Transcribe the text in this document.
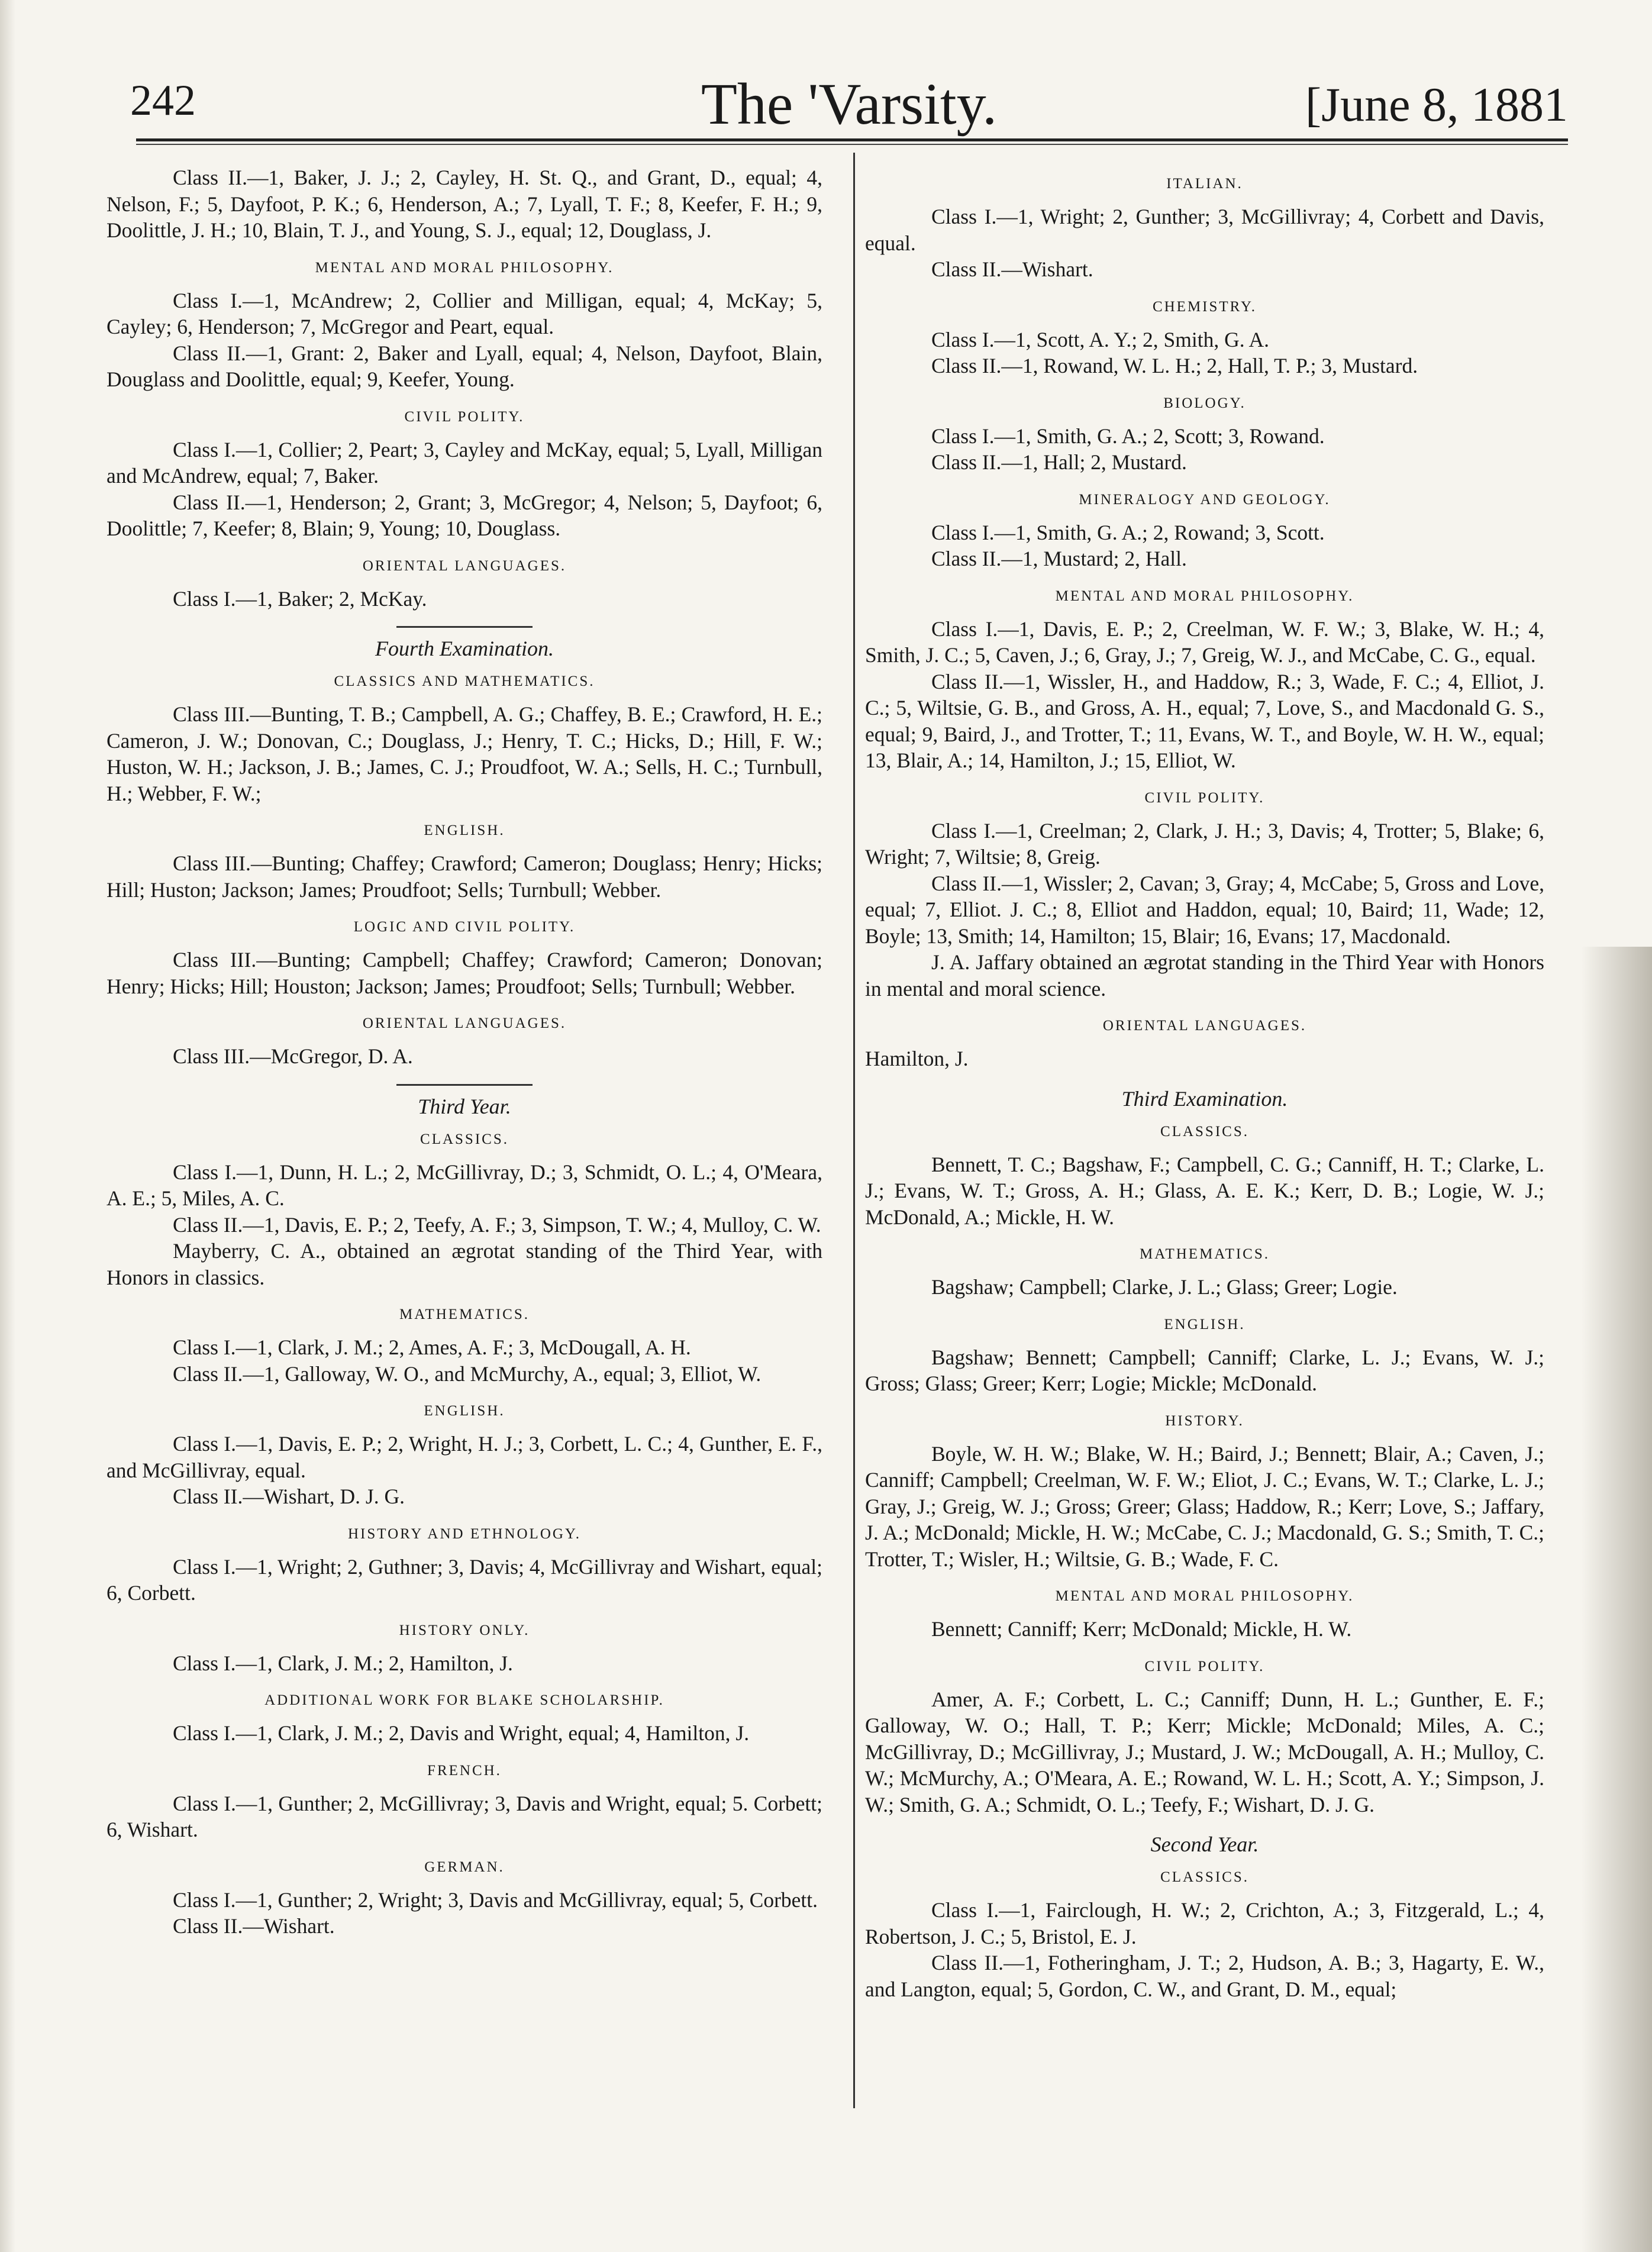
242	The 'Varsity.	[June 8, 1881

Class II.—1, Baker, J. J.; 2, Cayley, H. St. Q., and Grant, D., equal; 4, Nelson, F.; 5, Dayfoot, P. K.; 6, Henderson, A.; 7, Lyall, T. F.; 8, Keefer, F. H.; 9, Doolittle, J. H.; 10, Blain, T. J., and Young, S. J., equal; 12, Douglass, J.

MENTAL AND MORAL PHILOSOPHY.

Class I.—1, McAndrew; 2, Collier and Milligan, equal; 4, McKay; 5, Cayley; 6, Henderson; 7, McGregor and Peart, equal.

Class II.—1, Grant: 2, Baker and Lyall, equal; 4, Nelson, Dayfoot, Blain, Douglass and Doolittle, equal; 9, Keefer, Young.

CIVIL POLITY.

Class I.—1, Collier; 2, Peart; 3, Cayley and McKay, equal; 5, Lyall, Milligan and McAndrew, equal; 7, Baker.

Class II.—1, Henderson; 2, Grant; 3, McGregor; 4, Nelson; 5, Dayfoot; 6, Doolittle; 7, Keefer; 8, Blain; 9, Young; 10, Douglass.

ORIENTAL LANGUAGES.

Class I.—1, Baker; 2, McKay.

Fourth Examination.
CLASSICS AND MATHEMATICS.

Class III.—Bunting, T. B.; Campbell, A. G.; Chaffey, B. E.; Crawford, H. E.; Cameron, J. W.; Donovan, C.; Douglass, J.; Henry, T. C.; Hicks, D.; Hill, F. W.; Huston, W. H.; Jackson, J. B.; James, C. J.; Proudfoot, W. A.; Sells, H. C.; Turnbull, H.; Webber, F. W.;

ENGLISH.

Class III.—Bunting; Chaffey; Crawford; Cameron; Douglass; Henry; Hicks; Hill; Huston; Jackson; James; Proudfoot; Sells; Turnbull; Webber.

LOGIC AND CIVIL POLITY.

Class III.—Bunting; Campbell; Chaffey; Crawford; Cameron; Donovan; Henry; Hicks; Hill; Houston; Jackson; James; Proudfoot; Sells; Turnbull; Webber.

ORIENTAL LANGUAGES.

Class III.—McGregor, D. A.

Third Year.
CLASSICS.

Class I.—1, Dunn, H. L.; 2, McGillivray, D.; 3, Schmidt, O. L.; 4, O'Meara, A. E.; 5, Miles, A. C.

Class II.—1, Davis, E. P.; 2, Teefy, A. F.; 3, Simpson, T. W.; 4, Mulloy, C. W.

Mayberry, C. A., obtained an ægrotat standing of the Third Year, with Honors in classics.

MATHEMATICS.

Class I.—1, Clark, J. M.; 2, Ames, A. F.; 3, McDougall, A. H.

Class II.—1, Galloway, W. O., and McMurchy, A., equal; 3, Elliot, W.

ENGLISH.

Class I.—1, Davis, E. P.; 2, Wright, H. J.; 3, Corbett, L. C.; 4, Gunther, E. F., and McGillivray, equal.

Class II.—Wishart, D. J. G.

HISTORY AND ETHNOLOGY.

Class I.—1, Wright; 2, Guthner; 3, Davis; 4, McGillivray and Wishart, equal; 6, Corbett.

HISTORY ONLY.

Class I.—1, Clark, J. M.; 2, Hamilton, J.

ADDITIONAL WORK FOR BLAKE SCHOLARSHIP.

Class I.—1, Clark, J. M.; 2, Davis and Wright, equal; 4, Hamilton, J.

FRENCH.

Class I.—1, Gunther; 2, McGillivray; 3, Davis and Wright, equal; 5. Corbett; 6, Wishart.

GERMAN.

Class I.—1, Gunther; 2, Wright; 3, Davis and McGillivray, equal; 5, Corbett.

Class II.—Wishart.

ITALIAN.

Class I.—1, Wright; 2, Gunther; 3, McGillivray; 4, Corbett and Davis, equal.

Class II.—Wishart.

CHEMISTRY.

Class I.—1, Scott, A. Y.; 2, Smith, G. A.

Class II.—1, Rowand, W. L. H.; 2, Hall, T. P.; 3, Mustard.

BIOLOGY.

Class I.—1, Smith, G. A.; 2, Scott; 3, Rowand.

Class II.—1, Hall; 2, Mustard.

MINERALOGY AND GEOLOGY.

Class I.—1, Smith, G. A.; 2, Rowand; 3, Scott.

Class II.—1, Mustard; 2, Hall.

MENTAL AND MORAL PHILOSOPHY.

Class I.—1, Davis, E. P.; 2, Creelman, W. F. W.; 3, Blake, W. H.; 4, Smith, J. C.; 5, Caven, J.; 6, Gray, J.; 7, Greig, W. J., and McCabe, C. G., equal.

Class II.—1, Wissler, H., and Haddow, R.; 3, Wade, F. C.; 4, Elliot, J. C.; 5, Wiltsie, G. B., and Gross, A. H., equal; 7, Love, S., and Macdonald G. S., equal; 9, Baird, J., and Trotter, T.; 11, Evans, W. T., and Boyle, W. H. W., equal; 13, Blair, A.; 14, Hamilton, J.; 15, Elliot, W.

CIVIL POLITY.

Class I.—1, Creelman; 2, Clark, J. H.; 3, Davis; 4, Trotter; 5, Blake; 6, Wright; 7, Wiltsie; 8, Greig.

Class II.—1, Wissler; 2, Cavan; 3, Gray; 4, McCabe; 5, Gross and Love, equal; 7, Elliot. J. C.; 8, Elliot and Haddon, equal; 10, Baird; 11, Wade; 12, Boyle; 13, Smith; 14, Hamilton; 15, Blair; 16, Evans; 17, Macdonald.

J. A. Jaffary obtained an ægrotat standing in the Third Year with Honors in mental and moral science.

ORIENTAL LANGUAGES.

Hamilton, J.

Third Examination.
CLASSICS.

Bennett, T. C.; Bagshaw, F.; Campbell, C. G.; Canniff, H. T.; Clarke, L. J.; Evans, W. T.; Gross, A. H.; Glass, A. E. K.; Kerr, D. B.; Logie, W. J.; McDonald, A.; Mickle, H. W.

MATHEMATICS.

Bagshaw; Campbell; Clarke, J. L.; Glass; Greer; Logie.

ENGLISH.

Bagshaw; Bennett; Campbell; Canniff; Clarke, L. J.; Evans, W. J.; Gross; Glass; Greer; Kerr; Logie; Mickle; McDonald.

HISTORY.

Boyle, W. H. W.; Blake, W. H.; Baird, J.; Bennett; Blair, A.; Caven, J.; Canniff; Campbell; Creelman, W. F. W.; Eliot, J. C.; Evans, W. T.; Clarke, L. J.; Gray, J.; Greig, W. J.; Gross; Greer; Glass; Haddow, R.; Kerr; Love, S.; Jaffary, J. A.; McDonald; Mickle, H. W.; McCabe, C. J.; Macdonald, G. S.; Smith, T. C.; Trotter, T.; Wisler, H.; Wiltsie, G. B.; Wade, F. C.

MENTAL AND MORAL PHILOSOPHY.

Bennett; Canniff; Kerr; McDonald; Mickle, H. W.

CIVIL POLITY.

Amer, A. F.; Corbett, L. C.; Canniff; Dunn, H. L.; Gunther, E. F.; Galloway, W. O.; Hall, T. P.; Kerr; Mickle; McDonald; Miles, A. C.; McGillivray, D.; McGillivray, J.; Mustard, J. W.; McDougall, A. H.; Mulloy, C. W.; McMurchy, A.; O'Meara, A. E.; Rowand, W. L. H.; Scott, A. Y.; Simpson, J. W.; Smith, G. A.; Schmidt, O. L.; Teefy, F.; Wishart, D. J. G.

Second Year.
CLASSICS.

Class I.—1, Fairclough, H. W.; 2, Crichton, A.; 3, Fitzgerald, L.; 4, Robertson, J. C.; 5, Bristol, E. J.

Class II.—1, Fotheringham, J. T.; 2, Hudson, A. B.; 3, Hagarty, E. W., and Langton, equal; 5, Gordon, C. W., and Grant, D. M., equal;
